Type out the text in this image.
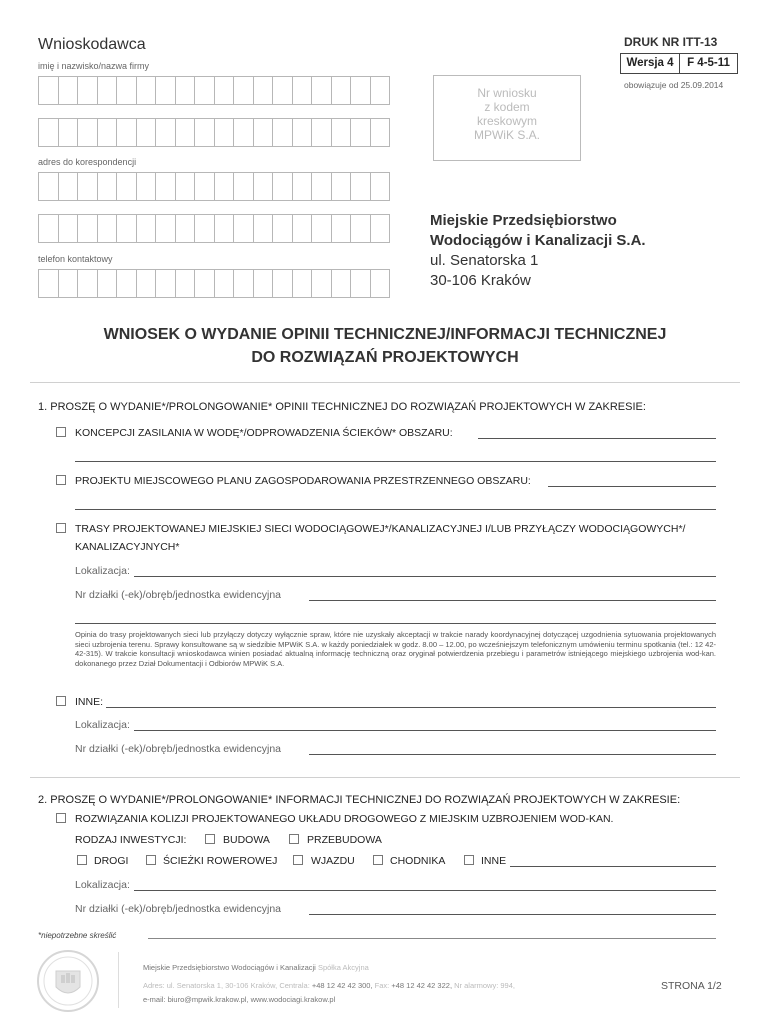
Wnioskodawca
imię i nazwisko/nazwa firmy
adres do korespondencji
telefon kontaktowy
DRUK NR ITT-13
Wersja 4	F 4-5-11
obowiązuje od 25.09.2014
Nr wniosku
z kodem
kreskowym
MPWiK S.A.
Miejskie Przedsiębiorstwo
Wodociągów i Kanalizacji S.A.
ul. Senatorska 1
30-106 Kraków
WNIOSEK O WYDANIE OPINII TECHNICZNEJ/INFORMACJI TECHNICZNEJ
DO ROZWIĄZAŃ PROJEKTOWYCH
1. PROSZĘ O WYDANIE*/PROLONGOWANIE* OPINII TECHNICZNEJ DO ROZWIĄZAŃ PROJEKTOWYCH W ZAKRESIE:
KONCEPCJI ZASILANIA W WODĘ*/ODPROWADZENIA ŚCIEKÓW* OBSZARU:
PROJEKTU MIEJSCOWEGO PLANU ZAGOSPODAROWANIA PRZESTRZENNEGO OBSZARU:
TRASY PROJEKTOWANEJ MIEJSKIEJ SIECI WODOCIĄGOWEJ*/KANALIZACYJNEJ I/LUB PRZYŁĄCZY WODOCIĄGOWYCH*/
KANALIZACYJNYCH*
Lokalizacja:
Nr działki (-ek)/obręb/jednostka ewidencyjna
Opinia do trasy projektowanych sieci lub przyłączy dotyczy wyłącznie spraw, które nie uzyskały akceptacji w trakcie narady koordynacyjnej dotyczącej uzgodnienia sytuowania projektowanych sieci uzbrojenia terenu. Sprawy konsultowane są w siedzibie MPWiK S.A. w każdy poniedziałek w godz. 8.00 – 12.00, po wcześniejszym telefonicznym umówieniu terminu spotkania (tel.: 12 42-42-315). W trakcie konsultacji wnioskodawca winien posiadać aktualną informację techniczną oraz oryginał potwierdzenia przebiegu i parametrów istniejącego miejskiego uzbrojenia wod-kan. dokonanego przez Dział Dokumentacji i Odbiorów MPWiK S.A.
INNE:
Lokalizacja:
Nr działki (-ek)/obręb/jednostka ewidencyjna
2. PROSZĘ O WYDANIE*/PROLONGOWANIE* INFORMACJI TECHNICZNEJ DO ROZWIĄZAŃ PROJEKTOWYCH W ZAKRESIE:
ROZWIĄZANIA KOLIZJI PROJEKTOWANEGO UKŁADU DROGOWEGO Z MIEJSKIM UZBROJENIEM WOD-KAN.
RODZAJ INWESTYCJI:	BUDOWA	PRZEBUDOWA
DROGI	ŚCIEŻKI ROWEROWEJ	WJAZDU	CHODNIKA	INNE
Lokalizacja:
Nr działki (-ek)/obręb/jednostka ewidencyjna
*niepotrzebne skreślić
Miejskie Przedsiębiorstwo Wodociągów i Kanalizacji Spółka Akcyjna
Adres: ul. Senatorska 1, 30-106 Kraków, Centrala: +48 12 42 42 300, Fax: +48 12 42 42 322, Nr alarmowy: 994,
e-mail: biuro@mpwik.krakow.pl, www.wodociagi.krakow.pl
STRONA 1/2
